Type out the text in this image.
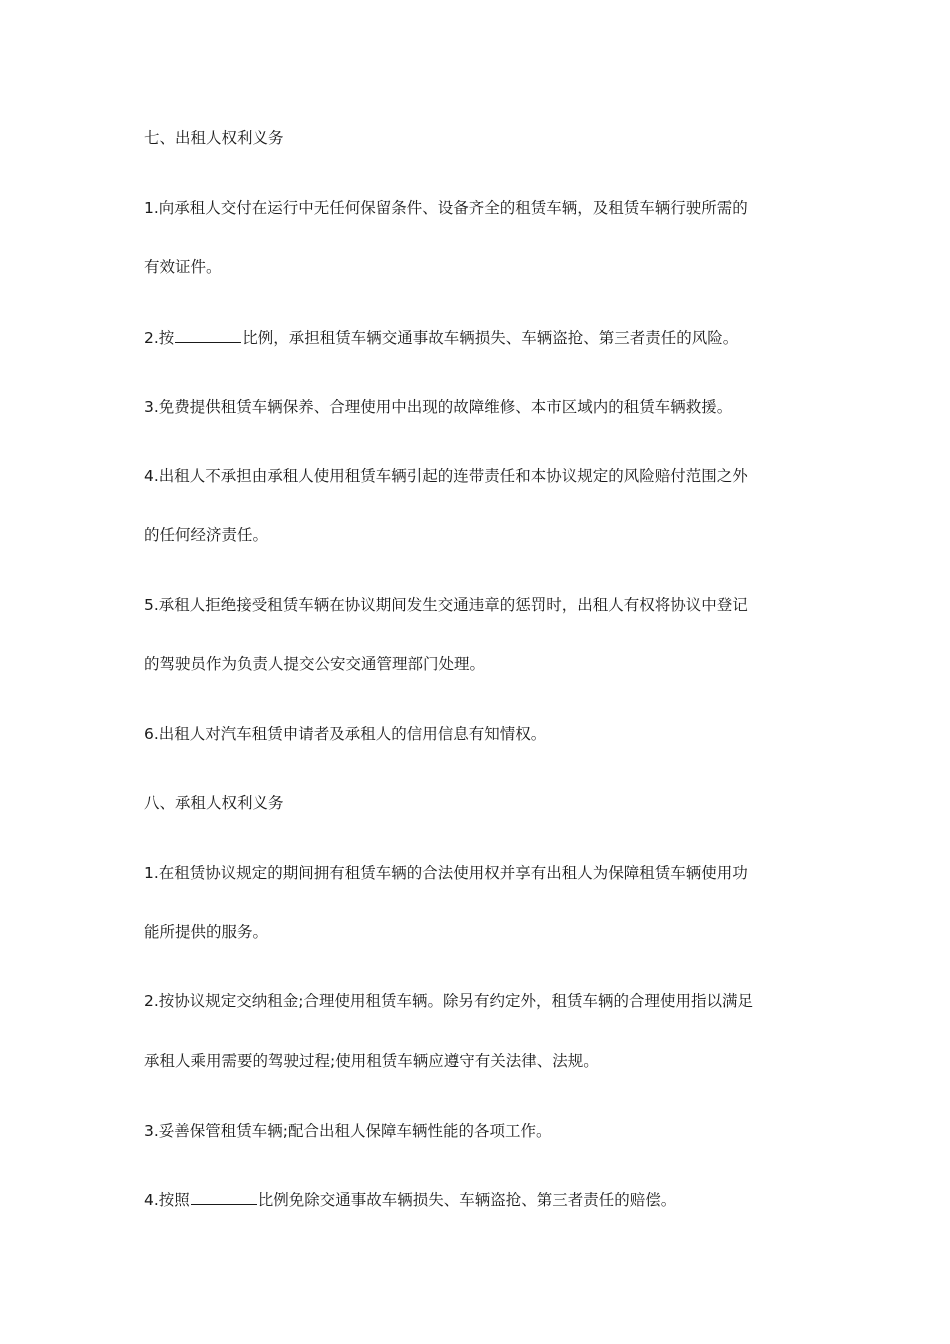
七、出租人权利义务
1.向承租人交付在运行中无任何保留条件、设备齐全的租赁车辆，及租赁车辆行驶所需的
有效证件。
2.按	比例，承担租赁车辆交通事故车辆损失、车辆盗抢、第三者责任的风险。
3.免费提供租赁车辆保养、合理使用中出现的故障维修、本市区域内的租赁车辆救援。
4.出租人不承担由承租人使用租赁车辆引起的连带责任和本协议规定的风险赔付范围之外
的任何经济责任。
5.承租人拒绝接受租赁车辆在协议期间发生交通违章的惩罚时，出租人有权将协议中登记
的驾驶员作为负责人提交公安交通管理部门处理。
6.出租人对汽车租赁申请者及承租人的信用信息有知情权。
八、承租人权利义务
1.在租赁协议规定的期间拥有租赁车辆的合法使用权并享有出租人为保障租赁车辆使用功
能所提供的服务。
2.按协议规定交纳租金;合理使用租赁车辆。除另有约定外，租赁车辆的合理使用指以满足
承租人乘用需要的驾驶过程;使用租赁车辆应遵守有关法律、法规。
3.妥善保管租赁车辆;配合出租人保障车辆性能的各项工作。
4.按照	比例免除交通事故车辆损失、车辆盗抢、第三者责任的赔偿。
